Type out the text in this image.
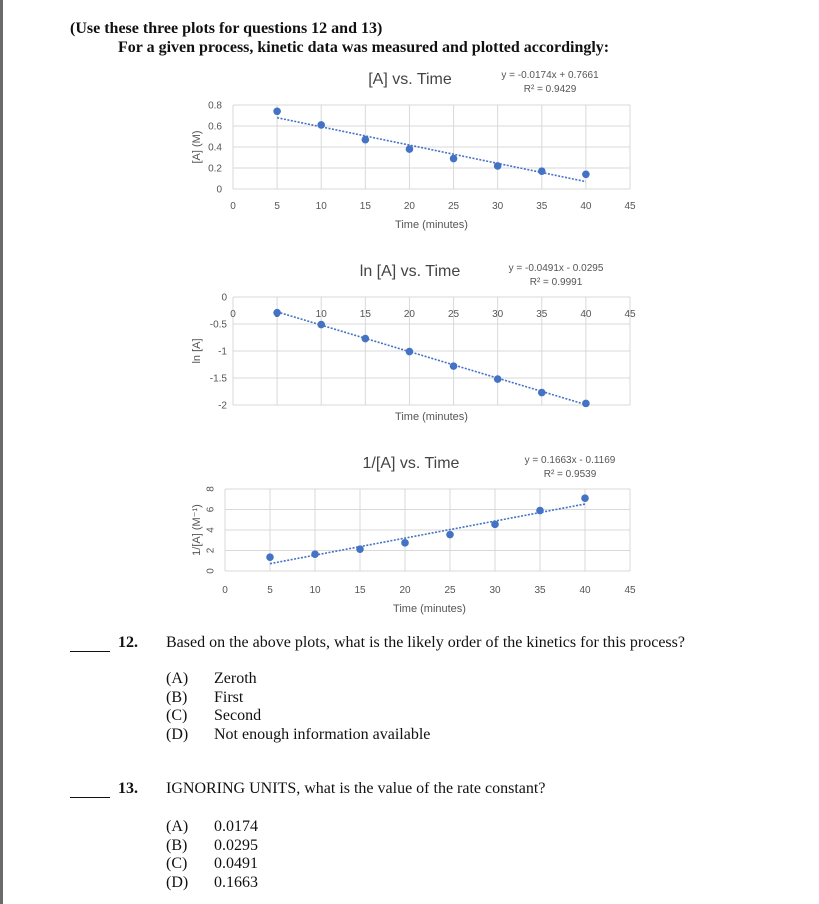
(Use these three plots for questions 12 and 13)
For a given process, kinetic data was measured and plotted accordingly:
0	5	10	15	20	25	30	35	40	45
0
0.2
0.4
0.6
0.8
Time (minutes)
[A] (M)
[A] vs. Time	y = -0.0174x + 0.7661
R² = 0.9429
0	10	15	20	25	30	35	40	45
0
-0.5
-1
-1.5
-2
Time (minutes)
ln [A]
ln [A] vs. Time	y = -0.0491x - 0.0295
R² = 0.9991
0	5	10	15	20	25	30	35	40	45
0
2
4
6
8
Time (minutes)
1/[A] (M⁻¹)
1/[A] vs. Time	y = 0.1663x - 0.1169
R² = 0.9539
12. Based on the above plots, what is the likely order of the kinetics for this process?
(A) Zeroth
(B) First
(C) Second
(D) Not enough information available
13. IGNORING UNITS, what is the value of the rate constant?
(A) 0.0174
(B) 0.0295
(C) 0.0491
(D) 0.1663
